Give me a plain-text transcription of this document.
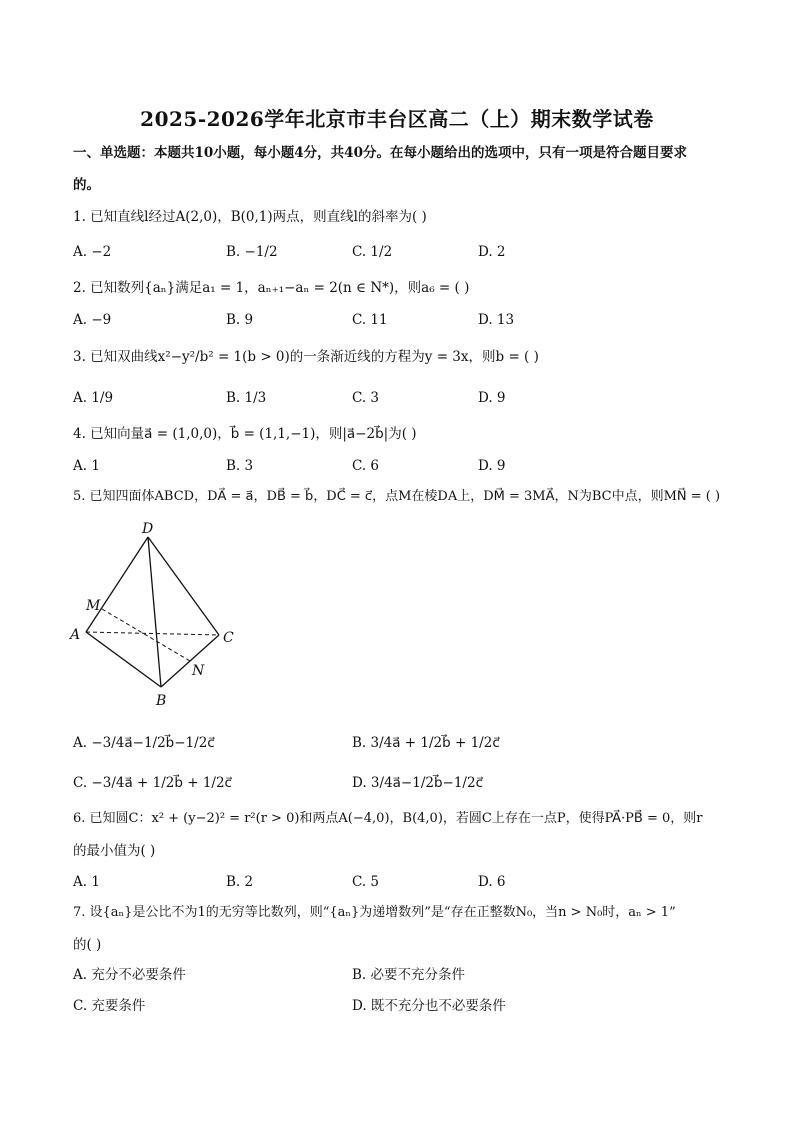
2025-2026学年北京市丰台区高二（上）期末数学试卷
一、单选题：本题共10小题，每小题4分，共40分。在每小题给出的选项中，只有一项是符合题目要求
的。
1. 已知直线l经过A(2,0)，B(0,1)两点，则直线l的斜率为( )
A. −2	B. −1/2	C. 1/2	D. 2
2. 已知数列{aₙ}满足a₁ = 1，aₙ₊₁−aₙ = 2(n ∈ N*)，则a₆ = ( )
A. −9	B. 9	C. 11	D. 13
3. 已知双曲线x²−y²/b² = 1(b > 0)的一条渐近线的方程为y = 3x，则b = ( )
A. 1/9	B. 1/3	C. 3	D. 9
4. 已知向量a⃗ = (1,0,0)，b⃗ = (1,1,−1)，则|a⃗−2b⃗|为( )
A. 1	B. 3	C. 6	D. 9
5. 已知四面体ABCD，DA⃗ = a⃗，DB⃗ = b⃗，DC⃗ = c⃗，点M在棱DA上，DM⃗ = 3MA⃗，N为BC中点，则MN⃗ = ( )
D
M
A	C
N
B
A. −3/4a⃗−1/2b⃗−1/2c⃗	B. 3/4a⃗ + 1/2b⃗ + 1/2c⃗
C. −3/4a⃗ + 1/2b⃗ + 1/2c⃗	D. 3/4a⃗−1/2b⃗−1/2c⃗
6. 已知圆C：x² + (y−2)² = r²(r > 0)和两点A(−4,0)，B(4,0)，若圆C上存在一点P，使得PA⃗·PB⃗ = 0，则r
的最小值为( )
A. 1	B. 2	C. 5	D. 6
7. 设{aₙ}是公比不为1的无穷等比数列，则“{aₙ}为递增数列”是“存在正整数N₀，当n > N₀时，aₙ > 1”
的( )
A. 充分不必要条件	B. 必要不充分条件
C. 充要条件	D. 既不充分也不必要条件
